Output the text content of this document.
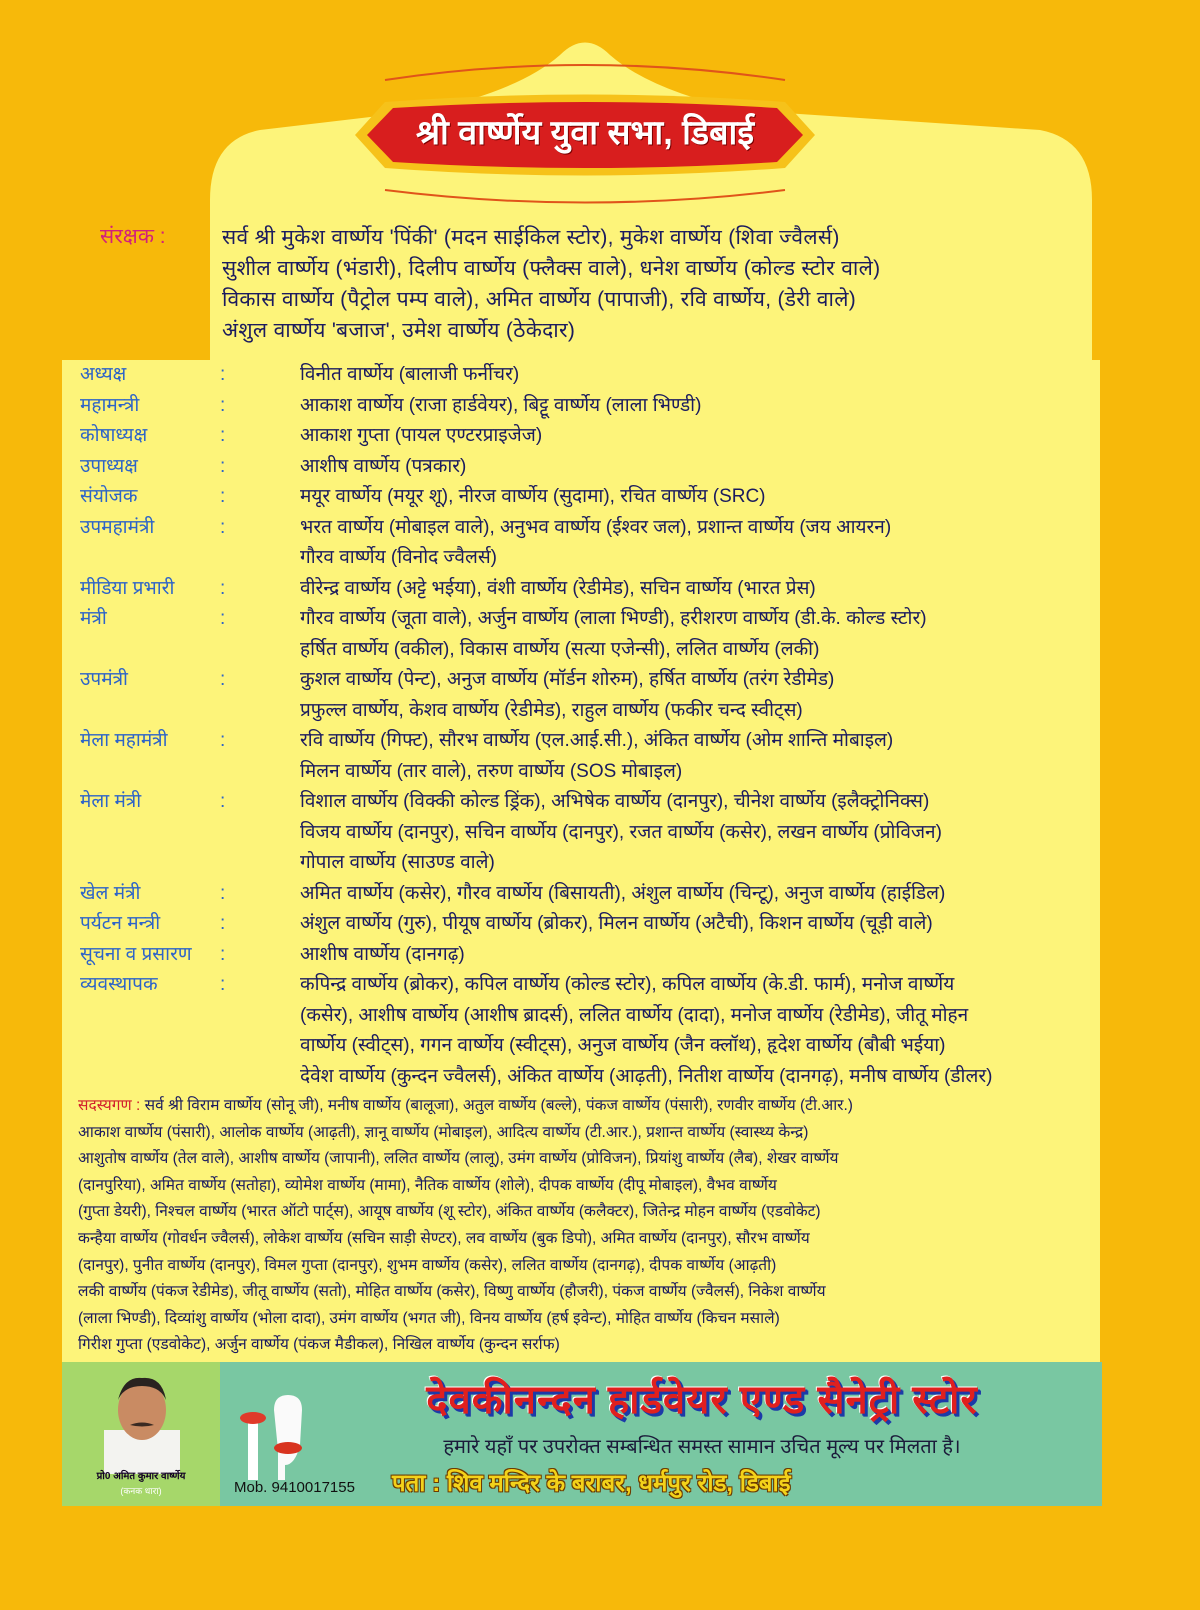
श्री वार्ष्णेय युवा सभा, डिबाई
संरक्षक :	सर्व श्री मुकेश वार्ष्णेय 'पिंकी' (मदन साईकिल स्टोर), मुकेश वार्ष्णेय (शिवा ज्वैलर्स)
सुशील वार्ष्णेय (भंडारी), दिलीप वार्ष्णेय (फ्लैक्स वाले), धनेश वार्ष्णेय (कोल्ड स्टोर वाले)
विकास वार्ष्णेय (पैट्रोल पम्प वाले), अमित वार्ष्णेय (पापाजी), रवि वार्ष्णेय, (डेरी वाले)
अंशुल वार्ष्णेय 'बजाज', उमेश वार्ष्णेय (ठेकेदार)
अध्यक्ष	:	विनीत वार्ष्णेय (बालाजी फर्नीचर)
महामन्त्री	:	आकाश वार्ष्णेय (राजा हार्डवेयर), बिट्टू वार्ष्णेय (लाला भिण्डी)
कोषाध्यक्ष	:	आकाश गुप्ता (पायल एण्टरप्राइजेज)
उपाध्यक्ष	:	आशीष वार्ष्णेय (पत्रकार)
संयोजक	:	मयूर वार्ष्णेय (मयूर शू), नीरज वार्ष्णेय (सुदामा), रचित वार्ष्णेय (SRC)
उपमहामंत्री	:	भरत वार्ष्णेय (मोबाइल वाले), अनुभव वार्ष्णेय (ईश्वर जल), प्रशान्त वार्ष्णेय (जय आयरन)
गौरव वार्ष्णेय (विनोद ज्वैलर्स)
मीडिया प्रभारी	:	वीरेन्द्र वार्ष्णेय (अट्टे भईया), वंशी वार्ष्णेय (रेडीमेड), सचिन वार्ष्णेय (भारत प्रेस)
मंत्री	:	गौरव वार्ष्णेय (जूता वाले), अर्जुन वार्ष्णेय (लाला भिण्डी), हरीशरण वार्ष्णेय (डी.के. कोल्ड स्टोर)
हर्षित वार्ष्णेय (वकील), विकास वार्ष्णेय (सत्या एजेन्सी), ललित वार्ष्णेय (लकी)
उपमंत्री	:	कुशल वार्ष्णेय (पेन्ट), अनुज वार्ष्णेय (मॉर्डन शोरुम), हर्षित वार्ष्णेय (तरंग रेडीमेड)
प्रफुल्ल वार्ष्णेय, केशव वार्ष्णेय (रेडीमेड), राहुल वार्ष्णेय (फकीर चन्द स्वीट्स)
मेला महामंत्री	:	रवि वार्ष्णेय (गिफ्ट), सौरभ वार्ष्णेय (एल.आई.सी.), अंकित वार्ष्णेय (ओम शान्ति मोबाइल)
मिलन वार्ष्णेय (तार वाले), तरुण वार्ष्णेय (SOS मोबाइल)
मेला मंत्री	:	विशाल वार्ष्णेय (विक्की कोल्ड ड्रिंक), अभिषेक वार्ष्णेय (दानपुर), चीनेश वार्ष्णेय (इलैक्ट्रोनिक्स)
विजय वार्ष्णेय (दानपुर), सचिन वार्ष्णेय (दानपुर), रजत वार्ष्णेय (कसेर), लखन वार्ष्णेय (प्रोविजन)
गोपाल वार्ष्णेय (साउण्ड वाले)
खेल मंत्री	:	अमित वार्ष्णेय (कसेर), गौरव वार्ष्णेय (बिसायती), अंशुल वार्ष्णेय (चिन्टू), अनुज वार्ष्णेय (हाईडिल)
पर्यटन मन्त्री	:	अंशुल वार्ष्णेय (गुरु), पीयूष वार्ष्णेय (ब्रोकर), मिलन वार्ष्णेय (अटैची), किशन वार्ष्णेय (चूड़ी वाले)
सूचना व प्रसारण	:	आशीष वार्ष्णेय (दानगढ़)
व्यवस्थापक	:	कपिन्द्र वार्ष्णेय (ब्रोकर), कपिल वार्ष्णेय (कोल्ड स्टोर), कपिल वार्ष्णेय (के.डी. फार्म), मनोज वार्ष्णेय
(कसेर), आशीष वार्ष्णेय (आशीष ब्रादर्स), ललित वार्ष्णेय (दादा), मनोज वार्ष्णेय (रेडीमेड), जीतू मोहन
वार्ष्णेय (स्वीट्स), गगन वार्ष्णेय (स्वीट्स), अनुज वार्ष्णेय (जैन क्लॉथ), हृदेश वार्ष्णेय (बौबी भईया)
देवेश वार्ष्णेय (कुन्दन ज्वैलर्स), अंकित वार्ष्णेय (आढ़ती), नितीश वार्ष्णेय (दानगढ़), मनीष वार्ष्णेय (डीलर)
सदस्यगण : सर्व श्री विराम वार्ष्णेय (सोनू जी), मनीष वार्ष्णेय (बालूजा), अतुल वार्ष्णेय (बल्ले), पंकज वार्ष्णेय (पंसारी), रणवीर वार्ष्णेय (टी.आर.)
आकाश वार्ष्णेय (पंसारी), आलोक वार्ष्णेय (आढ़ती), ज्ञानू वार्ष्णेय (मोबाइल), आदित्य वार्ष्णेय (टी.आर.), प्रशान्त वार्ष्णेय (स्वास्थ्य केन्द्र)
आशुतोष वार्ष्णेय (तेल वाले), आशीष वार्ष्णेय (जापानी), ललित वार्ष्णेय (लालू), उमंग वार्ष्णेय (प्रोविजन), प्रियांशु वार्ष्णेय (लैब), शेखर वार्ष्णेय
(दानपुरिया), अमित वार्ष्णेय (सतोहा), व्योमेश वार्ष्णेय (मामा), नैतिक वार्ष्णेय (शोले), दीपक वार्ष्णेय (दीपू मोबाइल), वैभव वार्ष्णेय
(गुप्ता डेयरी), निश्चल वार्ष्णेय (भारत ऑटो पार्ट्स), आयूष वार्ष्णेय (शू स्टोर), अंकित वार्ष्णेय (कलैक्टर), जितेन्द्र मोहन वार्ष्णेय (एडवोकेट)
कन्हैया वार्ष्णेय (गोवर्धन ज्वैलर्स), लोकेश वार्ष्णेय (सचिन साड़ी सेण्टर), लव वार्ष्णेय (बुक डिपो), अमित वार्ष्णेय (दानपुर), सौरभ वार्ष्णेय
(दानपुर), पुनीत वार्ष्णेय (दानपुर), विमल गुप्ता (दानपुर), शुभम वार्ष्णेय (कसेर), ललित वार्ष्णेय (दानगढ़), दीपक वार्ष्णेय (आढ़ती)
लकी वार्ष्णेय (पंकज रेडीमेड), जीतू वार्ष्णेय (सतो), मोहित वार्ष्णेय (कसेर), विष्णु वार्ष्णेय (हौजरी), पंकज वार्ष्णेय (ज्वैलर्स), निकेश वार्ष्णेय
(लाला भिण्डी), दिव्यांशु वार्ष्णेय (भोला दादा), उमंग वार्ष्णेय (भगत जी), विनय वार्ष्णेय (हर्ष इवेन्ट), मोहित वार्ष्णेय (किचन मसाले)
गिरीश गुप्ता (एडवोकेट), अर्जुन वार्ष्णेय (पंकज मैडीकल), निखिल वार्ष्णेय (कुन्दन सर्राफ)
प्रो0 अमित कुमार वार्ष्णेय
(कनक धारा)
देवकीनन्दन हार्डवेयर एण्ड सैनेट्री स्टोर
हमारे यहाँ पर उपरोक्त सम्बन्धित समस्त सामान उचित मूल्य पर मिलता है।
Mob. 9410017155 पता : शिव मन्दिर के बराबर, धर्मपुर रोड, डिबाई
